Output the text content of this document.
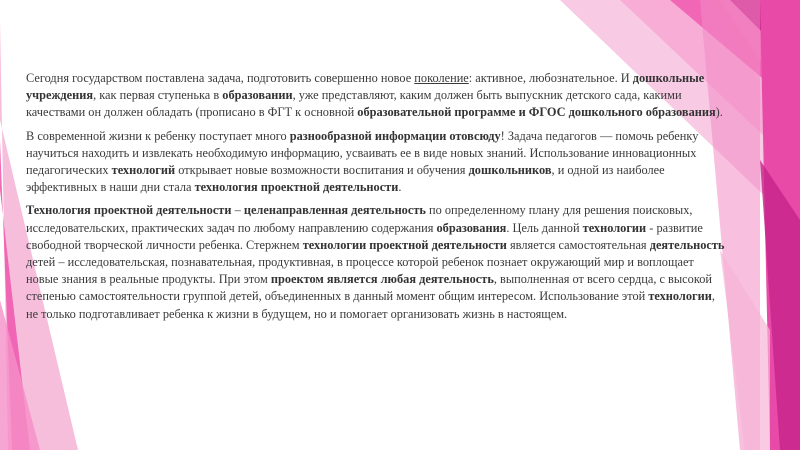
Сегодня государством поставлена задача, подготовить совершенно новое поколение: активное, любознательное. И дошкольные учреждения, как первая ступенька в образовании, уже представляют, каким должен быть выпускник детского сада, какими качествами он должен обладать (прописано в ФГТ к основной образовательной программе и ФГОС дошкольного образования).

В современной жизни к ребенку поступает много разнообразной информации отовсюду! Задача педагогов — помочь ребенку научиться находить и извлекать необходимую информацию, усваивать ее в виде новых знаний. Использование инновационных педагогических технологий открывает новые возможности воспитания и обучения дошкольников, и одной из наиболее эффективных в наши дни стала технология проектной деятельности.

Технология проектной деятельности – целенаправленная деятельность по определенному плану для решения поисковых, исследовательских, практических задач по любому направлению содержания образования. Цель данной технологии - развитие свободной творческой личности ребенка. Стержнем технологии проектной деятельности является самостоятельная деятельность детей – исследовательская, познавательная, продуктивная, в процессе которой ребенок познает окружающий мир и воплощает новые знания в реальные продукты. При этом проектом является любая деятельность, выполненная от всего сердца, с высокой степенью самостоятельности группой детей, объединенных в данный момент общим интересом. Использование этой технологии, не только подготавливает ребенка к жизни в будущем, но и помогает организовать жизнь в настоящем.
